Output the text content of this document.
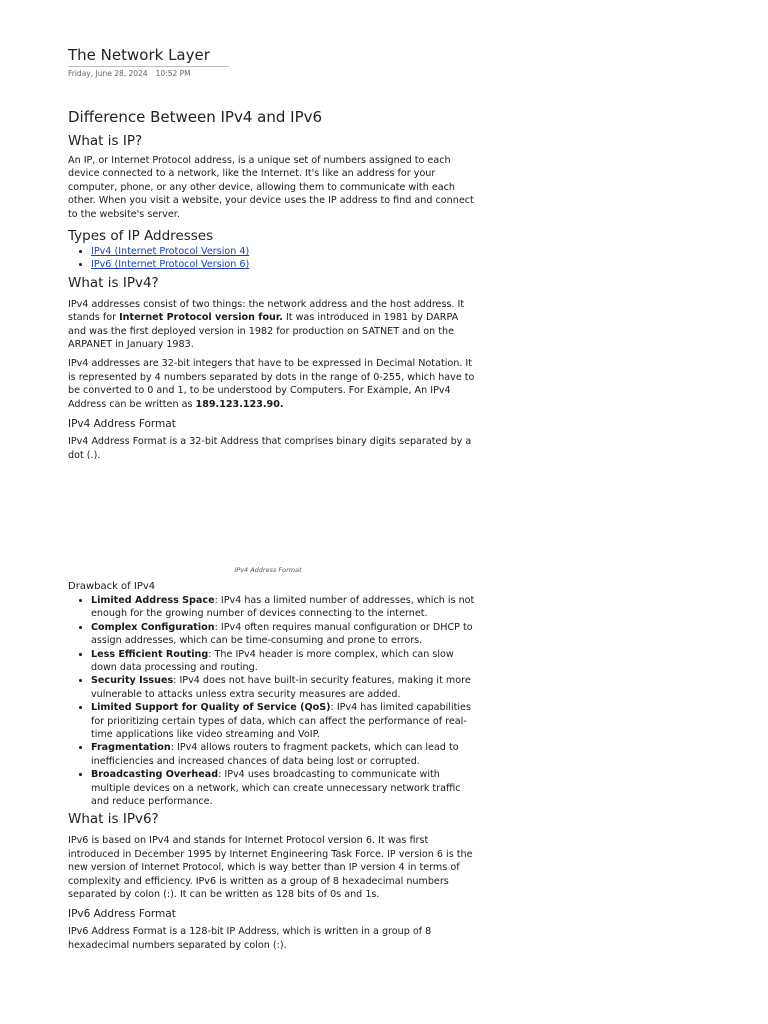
The Network Layer
Friday, June 28, 2024 10:52 PM
Difference Between IPv4 and IPv6
What is IP?

An IP, or Internet Protocol address, is a unique set of numbers assigned to each device connected to a network, like the Internet. It's like an address for your computer, phone, or any other device, allowing them to communicate with each other. When you visit a website, your device uses the IP address to find and connect to the website's server.

Types of IP Addresses
• IPv4 (Internet Protocol Version 4)
• IPv6 (Internet Protocol Version 6)
What is IPv4?

IPv4 addresses consist of two things: the network address and the host address. It stands for Internet Protocol version four. It was introduced in 1981 by DARPA and was the first deployed version in 1982 for production on SATNET and on the ARPANET in January 1983.

IPv4 addresses are 32-bit integers that have to be expressed in Decimal Notation. It is represented by 4 numbers separated by dots in the range of 0-255, which have to be converted to 0 and 1, to be understood by Computers. For Example, An IPv4 Address can be written as 189.123.123.90.

IPv4 Address Format

IPv4 Address Format is a 32-bit Address that comprises binary digits separated by a dot (.).

IPv4 Address Format
Drawback of IPv4
• Limited Address Space: IPv4 has a limited number of addresses, which is not enough for the growing number of devices connecting to the internet.
• Complex Configuration: IPv4 often requires manual configuration or DHCP to assign addresses, which can be time-consuming and prone to errors.
• Less Efficient Routing: The IPv4 header is more complex, which can slow down data processing and routing.
• Security Issues: IPv4 does not have built-in security features, making it more vulnerable to attacks unless extra security measures are added.
• Limited Support for Quality of Service (QoS): IPv4 has limited capabilities for prioritizing certain types of data, which can affect the performance of real-time applications like video streaming and VoIP.
• Fragmentation: IPv4 allows routers to fragment packets, which can lead to inefficiencies and increased chances of data being lost or corrupted.
• Broadcasting Overhead: IPv4 uses broadcasting to communicate with multiple devices on a network, which can create unnecessary network traffic and reduce performance.
What is IPv6?

IPv6 is based on IPv4 and stands for Internet Protocol version 6. It was first introduced in December 1995 by Internet Engineering Task Force. IP version 6 is the new version of Internet Protocol, which is way better than IP version 4 in terms of complexity and efficiency. IPv6 is written as a group of 8 hexadecimal numbers separated by colon (:). It can be written as 128 bits of 0s and 1s.

IPv6 Address Format

IPv6 Address Format is a 128-bit IP Address, which is written in a group of 8 hexadecimal numbers separated by colon (:).
